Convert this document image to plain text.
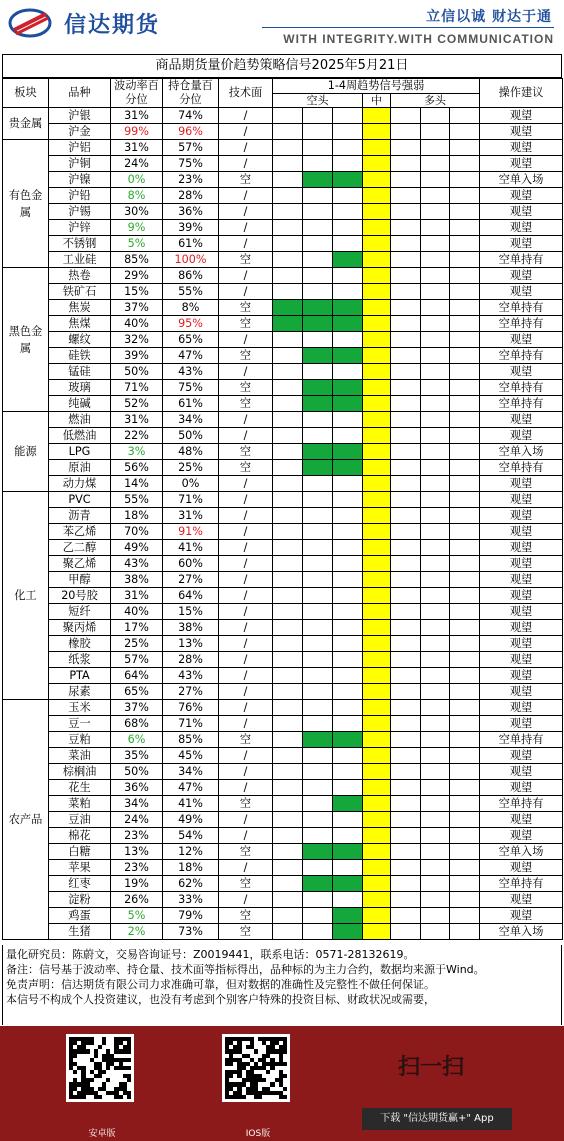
信达期货	立信以诚 财达于通
WITH INTEGRITY.WITH COMMUNICATION
商品期货量价趋势策略信号2025年5月21日
板块	品种	波动率百分位	持仓量百分位	技术面	1-4周趋势信号强弱							操作建议
					空头			中	多头			
贵金属	沪银	31%	74%	/								观望
	沪金	99%	96%	/								观望
有色金属	沪铝	31%	57%	/								观望
	沪铜	24%	75%	/								观望
	沪镍	0%	23%	空								空单入场
	沪铅	8%	28%	/								观望
	沪锡	30%	36%	/								观望
	沪锌	9%	39%	/								观望
	不锈钢	5%	61%	/								观望
	工业硅	85%	100%	空								空单持有
黑色金属	热卷	29%	86%	/								观望
	铁矿石	15%	55%	/								观望
	焦炭	37%	8%	空								空单持有
	焦煤	40%	95%	空								空单持有
	螺纹	32%	65%	/								观望
	硅铁	39%	47%	空								空单持有
	锰硅	50%	43%	/								观望
	玻璃	71%	75%	空								空单持有
	纯碱	52%	61%	空								空单持有
能源	燃油	31%	34%	/								观望
	低燃油	22%	50%	/								观望
	LPG	3%	48%	空								空单入场
	原油	56%	25%	空								空单持有
	动力煤	14%	0%	/								观望
化工	PVC	55%	71%	/								观望
	沥青	18%	31%	/								观望
	苯乙烯	70%	91%	/								观望
	乙二醇	49%	41%	/								观望
	聚乙烯	43%	60%	/								观望
	甲醇	38%	27%	/								观望
	20号胶	31%	64%	/								观望
	短纤	40%	15%	/								观望
	聚丙烯	17%	38%	/								观望
	橡胶	25%	13%	/								观望
	纸浆	57%	28%	/								观望
	PTA	64%	43%	/								观望
	尿素	65%	27%	/								观望
农产品	玉米	37%	76%	/								观望
	豆一	68%	71%	/								观望
	豆粕	6%	85%	空								空单持有
	菜油	35%	45%	/								观望
	棕榈油	50%	34%	/								观望
	花生	36%	47%	/								观望
	菜粕	34%	41%	空								空单持有
	豆油	24%	49%	/								观望
	棉花	23%	54%	/								观望
	白糖	13%	12%	空								空单入场
	苹果	23%	18%	/								观望
	红枣	19%	62%	空								空单持有
	淀粉	26%	33%	/								观望
	鸡蛋	5%	79%	空								观望
	生猪	2%	73%	空								空单入场
量化研究员：陈蔚文，交易咨询证号：Z0019441，联系电话：0571-28132619。
备注：信号基于波动率、持仓量、技术面等指标得出，品种标的为主力合约，数据均来源于Wind。
免责声明：信达期货有限公司力求准确可靠，但对数据的准确性及完整性不做任何保证。
本信号不构成个人投资建议，也没有考虑到个别客户特殊的投资目标、财政状况或需要，
安卓版	IOS版
扫一扫
下载 "信达期货赢+" App
